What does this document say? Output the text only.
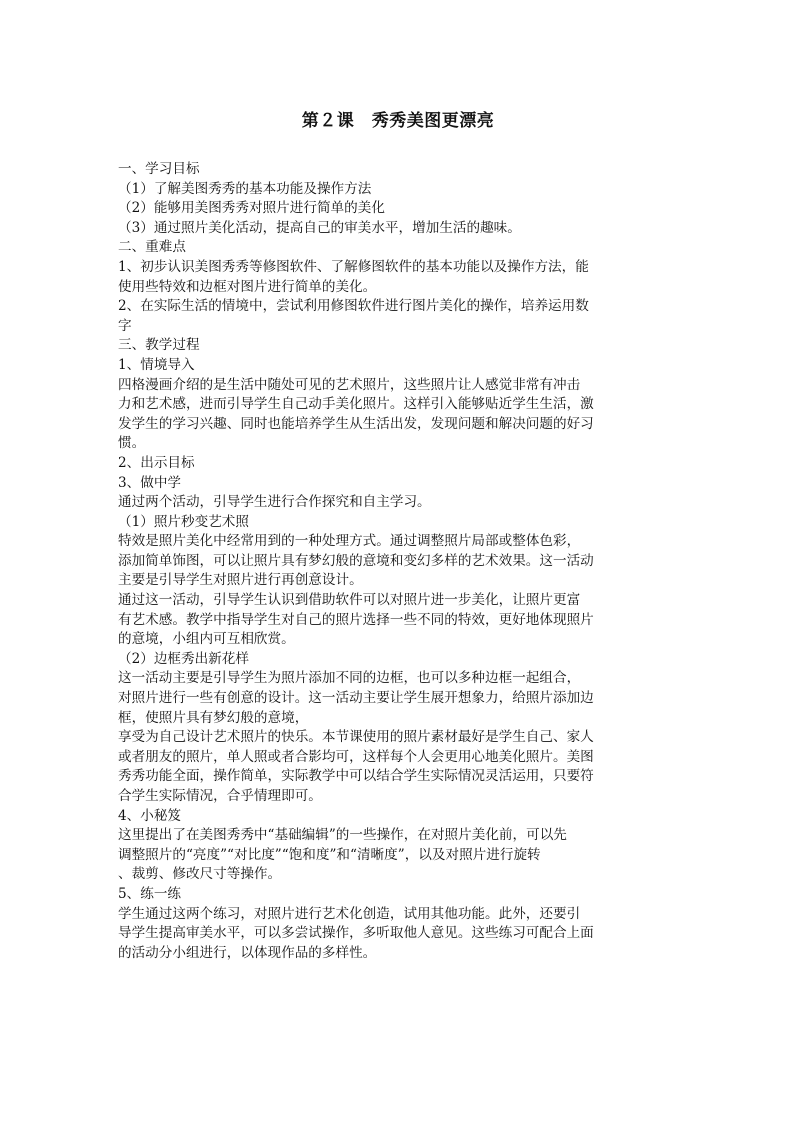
第２课　秀秀美图更漂亮
一、学习目标
（1）了解美图秀秀的基本功能及操作方法
（2）能够用美图秀秀对照片进行简单的美化
（3）通过照片美化活动，提高自己的审美水平，增加生活的趣味。
二、重难点
1、初步认识美图秀秀等修图软件、了解修图软件的基本功能以及操作方法，能
使用些特效和边框对图片进行简单的美化。
2、在实际生活的情境中，尝试利用修图软件进行图片美化的操作，培养运用数
字
三、教学过程
1、情境导入
四格漫画介绍的是生活中随处可见的艺术照片，这些照片让人感觉非常有冲击
力和艺术感，进而引导学生自己动手美化照片。这样引入能够贴近学生生活，激
发学生的学习兴趣、同时也能培养学生从生活出发，发现问题和解决问题的好习
惯。
2、出示目标
3、做中学
通过两个活动，引导学生进行合作探究和自主学习。
（1）照片秒变艺术照
特效是照片美化中经常用到的一种处理方式。通过调整照片局部或整体色彩，
添加简单饰图，可以让照片具有梦幻般的意境和变幻多样的艺术效果。这一活动
主要是引导学生对照片进行再创意设计。
通过这一活动，引导学生认识到借助软件可以对照片进一步美化，让照片更富
有艺术感。教学中指导学生对自己的照片选择一些不同的特效，更好地体现照片
的意境，小组内可互相欣赏。
（2）边框秀出新花样
这一活动主要是引导学生为照片添加不同的边框，也可以多种边框一起组合，
对照片进行一些有创意的设计。这一活动主要让学生展开想象力，给照片添加边
框，使照片具有梦幻般的意境，
享受为自己设计艺术照片的快乐。本节课使用的照片素材最好是学生自己、家人
或者朋友的照片，单人照或者合影均可，这样每个人会更用心地美化照片。美图
秀秀功能全面，操作简单，实际教学中可以结合学生实际情况灵活运用，只要符
合学生实际情况，合乎情理即可。
4、小秘笈
这里提出了在美图秀秀中“基础编辑”的一些操作，在对照片美化前，可以先
调整照片的“亮度”“对比度”“饱和度”和“清晰度”，以及对照片进行旋转
、裁剪、修改尺寸等操作。
5、练一练
学生通过这两个练习，对照片进行艺术化创造，试用其他功能。此外，还要引
导学生提高审美水平，可以多尝试操作，多听取他人意见。这些练习可配合上面
的活动分小组进行，以体现作品的多样性。
